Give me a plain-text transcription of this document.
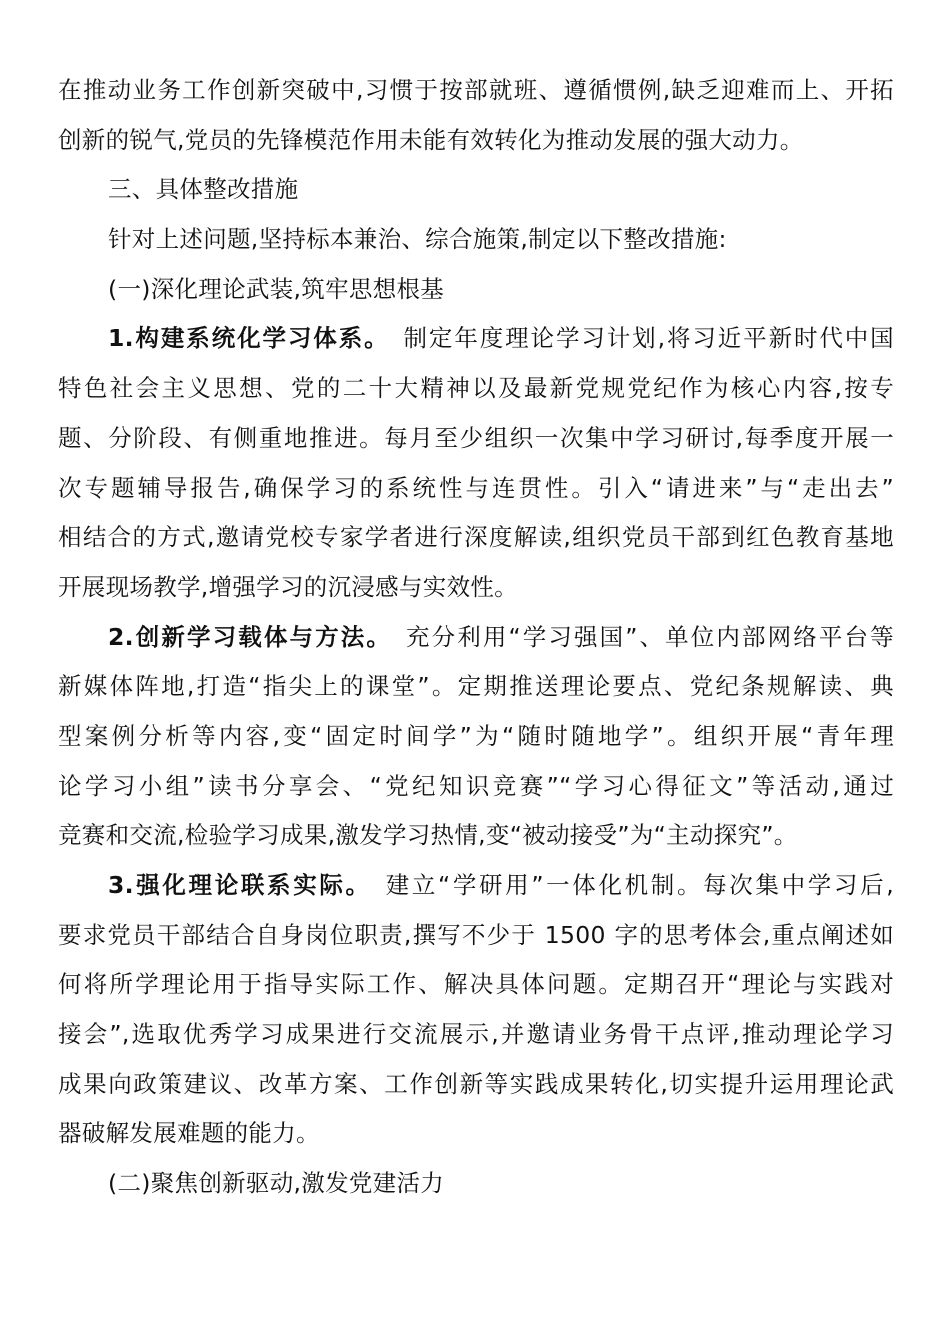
在推动业务工作创新突破中,习惯于按部就班、遵循惯例,缺乏迎难而上、开拓
创新的锐气,党员的先锋模范作用未能有效转化为推动发展的强大动力。
三、具体整改措施
针对上述问题,坚持标本兼治、综合施策,制定以下整改措施:
(一)深化理论武装,筑牢思想根基
1.构建系统化学习体系。 制定年度理论学习计划,将习近平新时代中国
特色社会主义思想、党的二十大精神以及最新党规党纪作为核心内容,按专
题、分阶段、有侧重地推进。每月至少组织一次集中学习研讨,每季度开展一
次专题辅导报告,确保学习的系统性与连贯性。引入“请进来”与“走出去”
相结合的方式,邀请党校专家学者进行深度解读,组织党员干部到红色教育基地
开展现场教学,增强学习的沉浸感与实效性。
2.创新学习载体与方法。 充分利用“学习强国”、单位内部网络平台等
新媒体阵地,打造“指尖上的课堂”。定期推送理论要点、党纪条规解读、典
型案例分析等内容,变“固定时间学”为“随时随地学”。组织开展“青年理
论学习小组”读书分享会、“党纪知识竞赛”“学习心得征文”等活动,通过
竞赛和交流,检验学习成果,激发学习热情,变“被动接受”为“主动探究”。
3.强化理论联系实际。 建立“学研用”一体化机制。每次集中学习后,
要求党员干部结合自身岗位职责,撰写不少于 1500 字的思考体会,重点阐述如
何将所学理论用于指导实际工作、解决具体问题。定期召开“理论与实践对
接会”,选取优秀学习成果进行交流展示,并邀请业务骨干点评,推动理论学习
成果向政策建议、改革方案、工作创新等实践成果转化,切实提升运用理论武
器破解发展难题的能力。
(二)聚焦创新驱动,激发党建活力
